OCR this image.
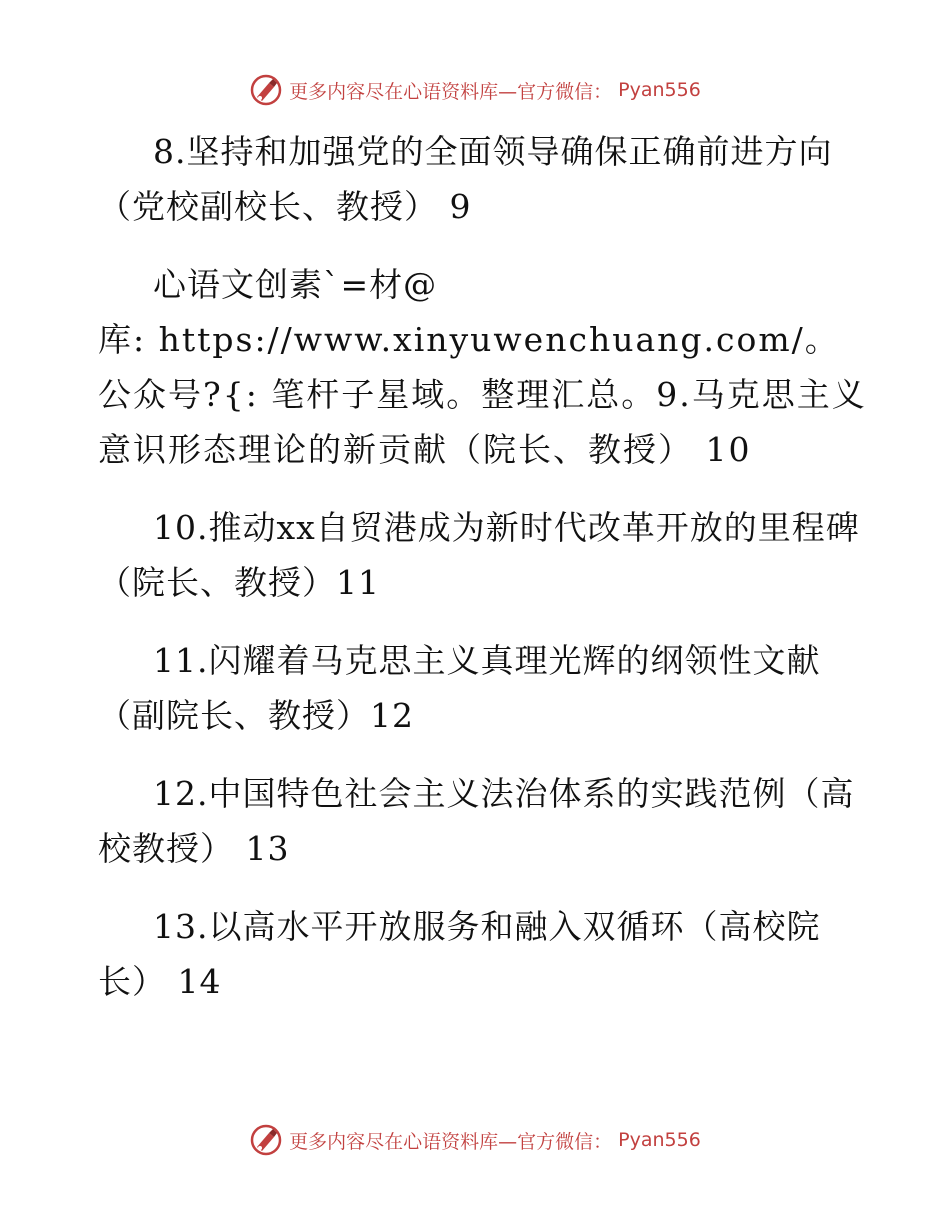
更多内容尽在心语资料库—官方微信： Pyan556

8.坚持和加强党的全面领导确保正确前进方向（党校副校长、教授） 9

心语文创素`=材@

库: https://www.xinyuwenchuang.com/。公众号?{: 笔杆子星域。整理汇总。9.马克思主义意识形态理论的新贡献（院长、教授） 10

10.推动xx自贸港成为新时代改革开放的里程碑（院长、教授）11

11.闪耀着马克思主义真理光辉的纲领性文献（副院长、教授）12

12.中国特色社会主义法治体系的实践范例（高校教授） 13

13.以高水平开放服务和融入双循环（高校院长） 14

更多内容尽在心语资料库—官方微信： Pyan556
